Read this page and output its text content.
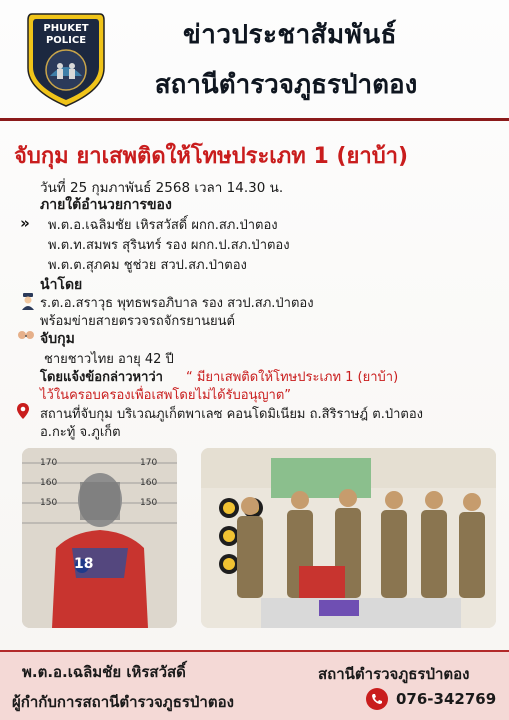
PHUKET
POLICE	ข่าวประชาสัมพันธ์
สถานีตำรวจภูธรป่าตอง
จับกุม ยาเสพติดให้โทษประเภท 1 (ยาบ้า)
วันที่ 25 กุมภาพันธ์ 2568 เวลา 14.30 น.
ภายใต้อำนวยการของ
»	พ.ต.อ.เฉลิมชัย เหิรสวัสดิ์ ผกก.สภ.ป่าตอง
พ.ต.ท.สมพร สุรินทร์ รอง ผกก.ป.สภ.ป่าตอง
พ.ต.ต.สุภคม ชูช่วย สวป.สภ.ป่าตอง
นำโดย
ร.ต.อ.สราวุธ พุทธพรอภิบาล รอง สวป.สภ.ป่าตอง
พร้อมข่ายสายตรวจรถจักรยานยนต์
จับกุม
ชายชาวไทย อายุ 42 ปี
โดยแจ้งข้อกล่าวหาว่า “ มียาเสพติดให้โทษประเภท 1 (ยาบ้า)
ไว้ในครอบครองเพื่อเสพโดยไม่ได้รับอนุญาต”
สถานที่จับกุม บริเวณภูเก็ตพาเลซ คอนโดมิเนียม ถ.สิริราษฎ์ ต.ป่าตอง
อ.กะทู้ จ.ภูเก็ต
170	170
160	160
150	150
18
พ.ต.อ.เฉลิมชัย เหิรสวัสดิ์
ผู้กำกับการสถานีตำรวจภูธรป่าตอง
สถานีตำรวจภูธรป่าตอง
076-342769
